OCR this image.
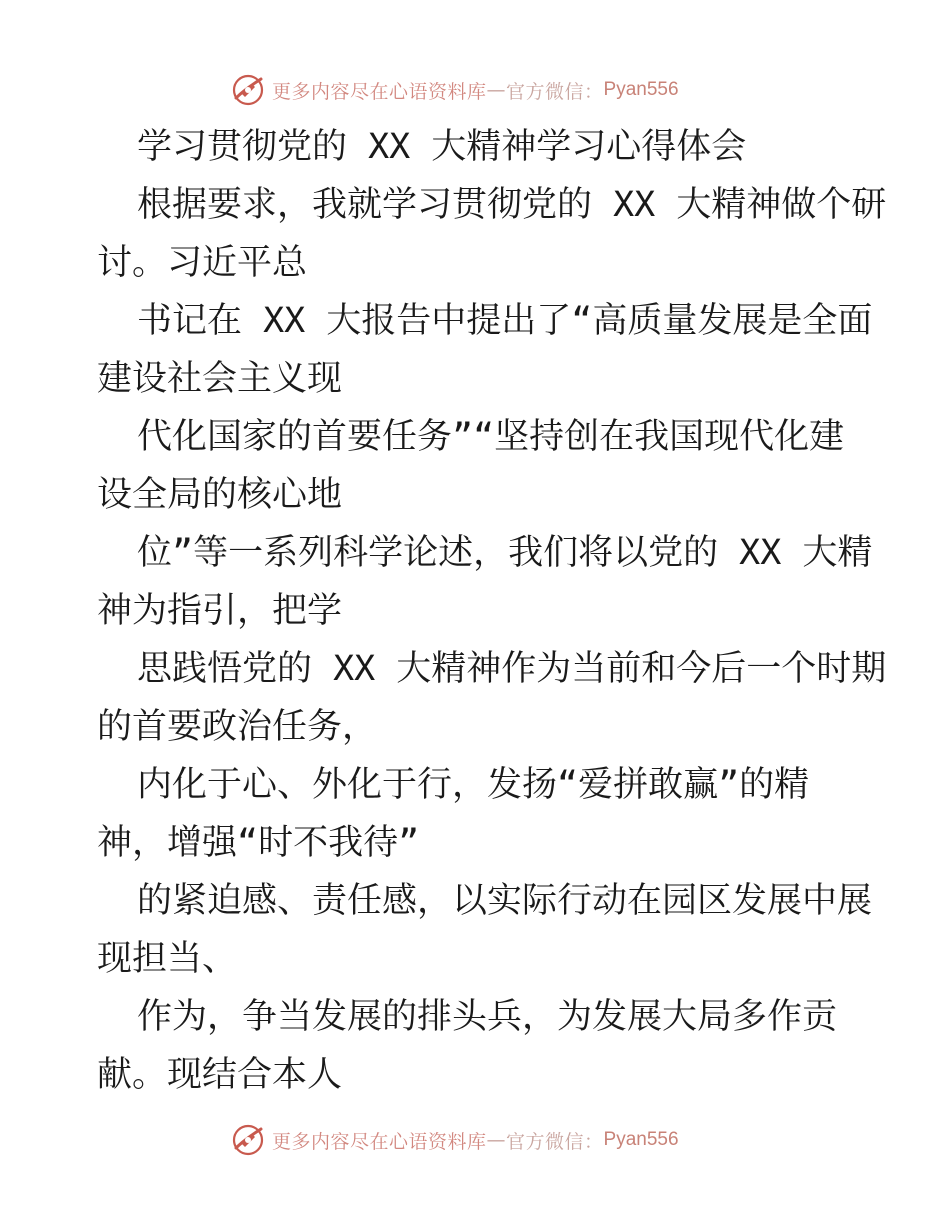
更多内容尽在心语资料库 — 官方微信： Pyan556
学习贯彻党的 XX 大精神学习心得体会
根据要求，我就学习贯彻党的 XX 大精神做个研
讨。习近平总
书记在 XX 大报告中提出了“高质量发展是全面
建设社会主义现
代化国家的首要任务”“坚持创在我国现代化建
设全局的核心地
位”等一系列科学论述，我们将以党的 XX 大精
神为指引，把学
思践悟党的 XX 大精神作为当前和今后一个时期
的首要政治任务，
内化于心、外化于行，发扬“爱拼敢赢”的精
神，增强“时不我待”
的紧迫感、责任感，以实际行动在园区发展中展
现担当、
作为，争当发展的排头兵，为发展大局多作贡
献。现结合本人
更多内容尽在心语资料库 — 官方微信： Pyan556
